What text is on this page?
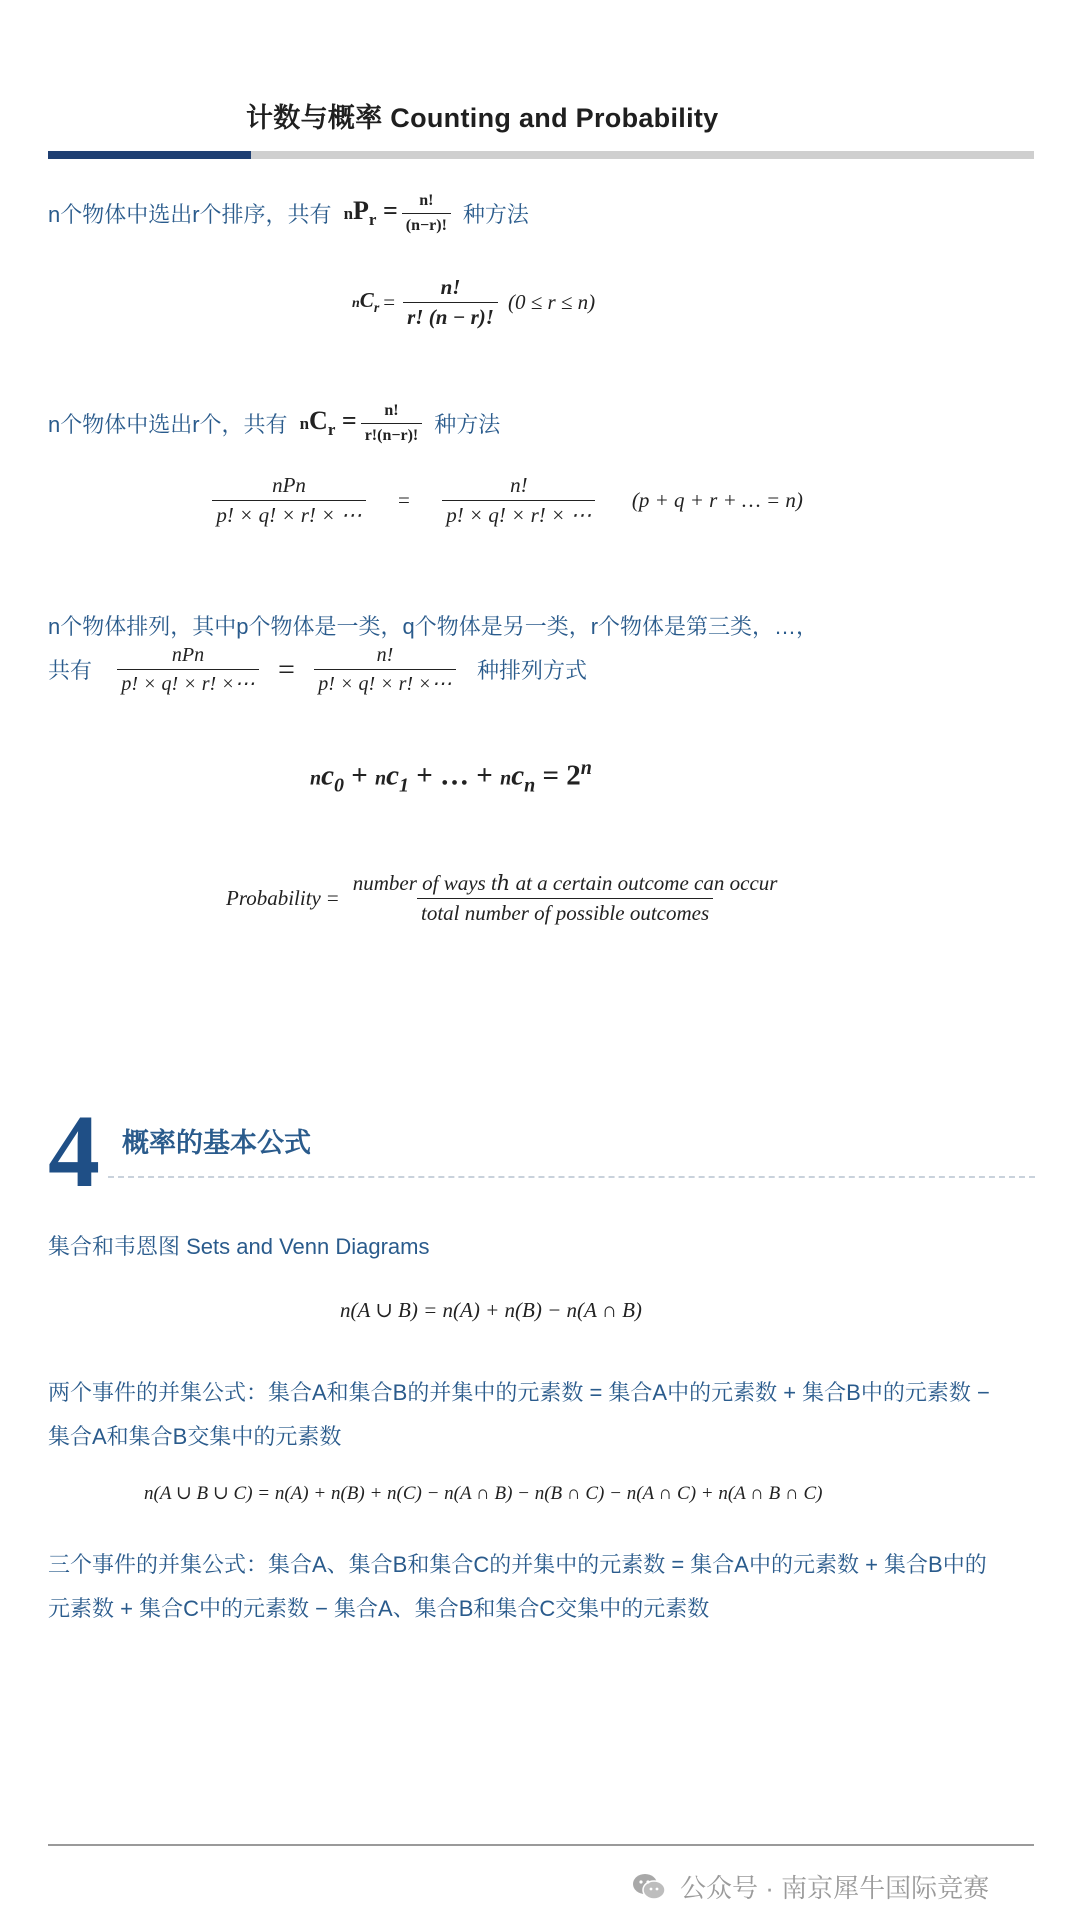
计数与概率 Counting and Probability
n个物体中选出r个排序，共有 $nP_r = \frac{n!}{(n-r)!}$ 种方法
$nC_r = \frac{n!}{r! (n - r)!} (0 \le r \le n)$
n个物体中选出r个，共有 $nC_r = \frac{n!}{r!(n-r)!}$ 种方法
$\frac{\text{nPn}}{p! \times q! \times r! \times \cdots} = \frac{n!}{p! \times q! \times r! \times \cdots} (p + q + r$ + … = n)
n个物体排列，其中p个物体是一类，q个物体是另一类，r个物体是第三类，…，
共有 $\frac{\text{nPn}}{p! \times q! \times r! \times\cdots} = \frac{n!}{p! \times q! \times r! \times\cdots}$ 种排列方式
$nc_0 + nc_1$ + … + $nc_n = 2^n$
Probability = $\frac{\text{number of ways tℎ at a certain outcome can occur}}{\text{total number of possible outcomes}}$
4 概率的基本公式
集合和韦恩图 Sets and Venn Diagrams
n(A ∪ B) = n(A) + n(B) − n(A ∩ B)
两个事件的并集公式：集合A和集合B的并集中的元素数 = 集合A中的元素数 + 集合B中的元素数 −
集合A和集合B交集中的元素数
n(A ∪ B ∪ C) = n(A) + n(B) + n(C) − n(A ∩ B) − n(B ∩ C) − n(A ∩ C) + n(A ∩ B ∩ C)
三个事件的并集公式：集合A、集合B和集合C的并集中的元素数 = 集合A中的元素数 + 集合B中的
元素数 + 集合C中的元素数 − 集合A、集合B和集合C交集中的元素数
公众号 · 南京犀牛国际竞赛
